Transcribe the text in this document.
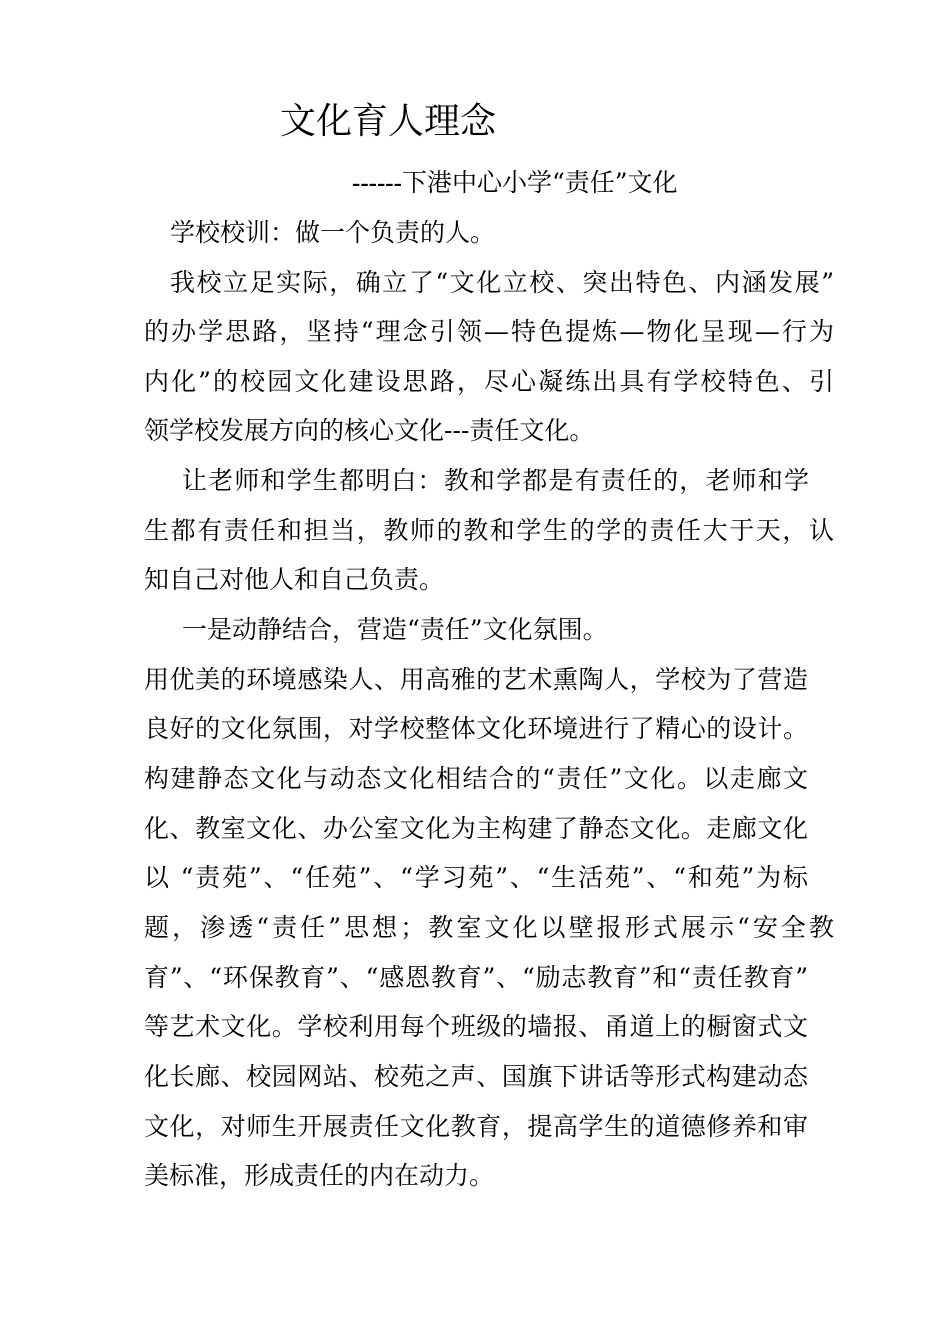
文化育人理念
------下港中心小学“责任”文化
学校校训：做一个负责的人。
我校立足实际，确立了“文化立校、突出特色、内涵发展”
的办学思路，坚持“理念引领—特色提炼—物化呈现—行为
内化”的校园文化建设思路，尽心凝练出具有学校特色、引
领学校发展方向的核心文化---责任文化。
让老师和学生都明白：教和学都是有责任的，老师和学
生都有责任和担当，教师的教和学生的学的责任大于天，认
知自己对他人和自己负责。
一是动静结合，营造“责任”文化氛围。
用优美的环境感染人、用高雅的艺术熏陶人，学校为了营造
良好的文化氛围，对学校整体文化环境进行了精心的设计。
构建静态文化与动态文化相结合的“责任”文化。以走廊文
化、教室文化、办公室文化为主构建了静态文化。走廊文化
以 “责苑”、“任苑”、“学习苑”、“生活苑”、“和苑”为标
题，渗透“责任”思想；教室文化以壁报形式展示“安全教
育”、“环保教育”、“感恩教育”、“励志教育”和“责任教育”
等艺术文化。学校利用每个班级的墙报、甬道上的橱窗式文
化长廊、校园网站、校苑之声、国旗下讲话等形式构建动态
文化，对师生开展责任文化教育，提高学生的道德修养和审
美标准，形成责任的内在动力。
